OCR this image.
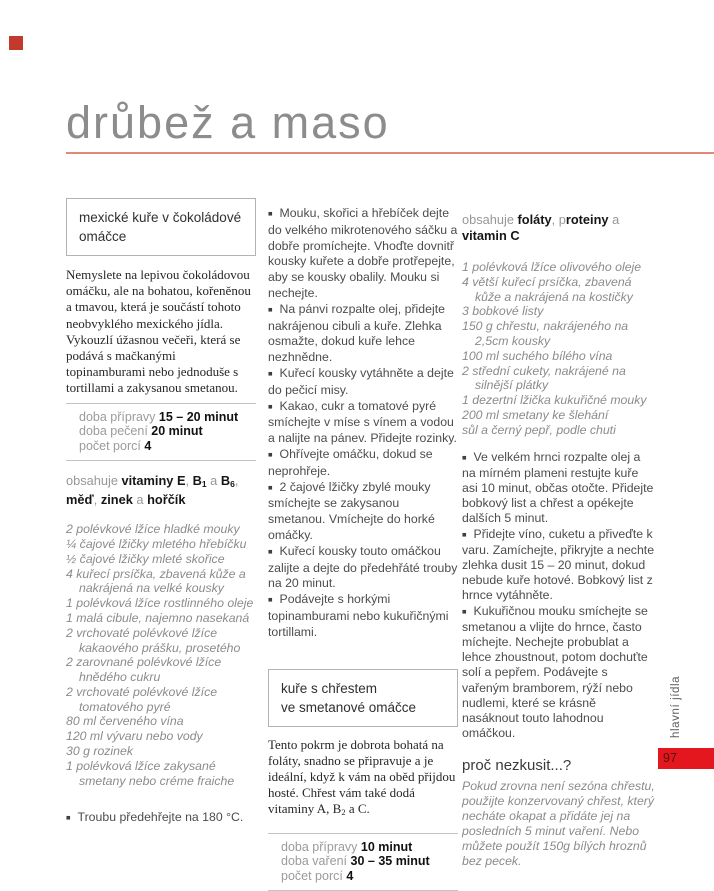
drůbež a maso
mexické kuře v čokoládové
omáčce

Nemyslete na lepivou čokoládovou omáčku, ale na bohatou, kořeněnou a tmavou, která je součástí tohoto neobvyklého mexického jídla. Vykouzlí úžasnou večeři, která se podává s mačkanými topinamburami nebo jednoduše s tortillami a zakysanou smetanou.

doba přípravy 15 – 20 minut
doba pečení 20 minut
počet porcí 4

obsahuje vitaminy E, B1 a B6, měď, zinek a hořčík

2 polévkové lžíce hladké mouky
¼ čajové lžičky mletého hřebíčku
½ čajové lžičky mleté skořice
4 kuřecí prsíčka, zbavená kůže a nakrájená na velké kousky
1 polévková lžíce rostlinného oleje
1 malá cibule, najemno nasekaná
2 vrchovaté polévkové lžíce kakaového prášku, prosetého
2 zarovnané polévkové lžíce hnědého cukru
2 vrchovaté polévkové lžíce tomatového pyré
80 ml červeného vína
120 ml vývaru nebo vody
30 g rozinek
1 polévková lžíce zakysané smetany nebo créme fraiche

■ Troubu předehřejte na 180 °C.

■ Mouku, skořici a hřebíček dejte do velkého mikrotenového sáčku a dobře promíchejte. Vhoďte dovnitř kousky kuřete a dobře protřepejte, aby se kousky obalily. Mouku si nechejte.

■ Na pánvi rozpalte olej, přidejte nakrájenou cibuli a kuře. Zlehka osmažte, dokud kuře lehce nezhnědne.

■ Kuřecí kousky vytáhněte a dejte do pečicí misy.

■ Kakao, cukr a tomatové pyré smíchejte v míse s vínem a vodou a nalijte na pánev. Přidejte rozinky.

■ Ohřívejte omáčku, dokud se neprohřeje.

■ 2 čajové lžičky zbylé mouky smíchejte se zakysanou smetanou. Vmíchejte do horké omáčky.

■ Kuřecí kousky touto omáčkou zalijte a dejte do předehřáté trouby na 20 minut.

■ Podávejte s horkými topinamburami nebo kukuřičnými tortillami.

kuře s chřestem
ve smetanové omáčce

Tento pokrm je dobrota bohatá na foláty, snadno se připravuje a je ideální, když k vám na oběd přijdou hosté. Chřest vám také dodá vitaminy A, B2 a C.

doba přípravy 10 minut
doba vaření 30 – 35 minut
počet porcí 4

obsahuje foláty, proteiny a vitamin C

1 polévková lžíce olivového oleje
4 větší kuřecí prsíčka, zbavená kůže a nakrájená na kostičky
3 bobkové listy
150 g chřestu, nakrájeného na 2,5cm kousky
100 ml suchého bílého vína
2 střední cukety, nakrájené na silnější plátky
1 dezertní lžička kukuřičné mouky
200 ml smetany ke šlehání
sůl a černý pepř, podle chuti

■ Ve velkém hrnci rozpalte olej a na mírném plameni restujte kuře asi 10 minut, občas otočte. Přidejte bobkový list a chřest a opékejte dalších 5 minut.

■ Přidejte víno, cuketu a přiveďte k varu. Zamíchejte, přikryjte a nechte zlehka dusit 15 – 20 minut, dokud nebude kuře hotové. Bobkový list z hrnce vytáhněte.

■ Kukuřičnou mouku smíchejte se smetanou a vlijte do hrnce, často míchejte. Nechejte probublat a lehce zhoustnout, potom dochuťte solí a pepřem. Podávejte s vařeným bramborem, rýží nebo nudlemi, které se krásně nasáknout touto lahodnou omáčkou.

proč nezkusit...?

Pokud zrovna není sezóna chřestu, použijte konzervovaný chřest, který necháte okapat a přidáte jej na posledních 5 minut vaření. Nebo můžete použít 150g bílých hroznů bez pecek.

hlavní jídla
97
